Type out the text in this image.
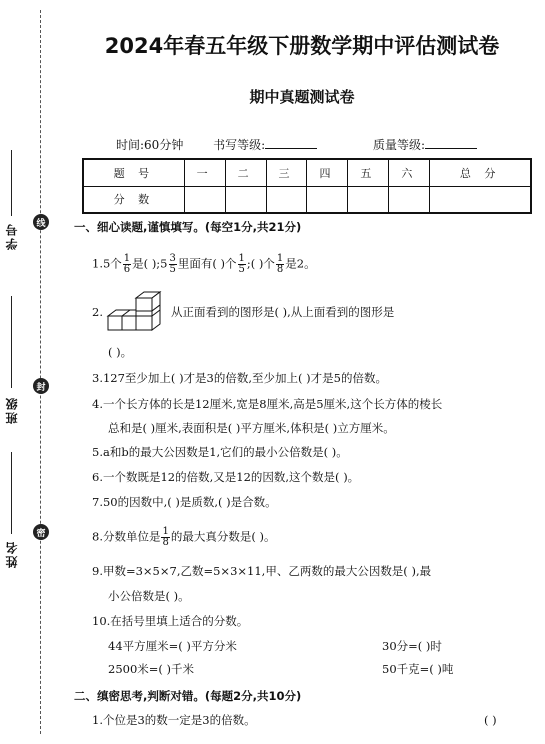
学号
班级
姓名
线
封
密
2024年春五年级下册数学期中评估测试卷
期中真题测试卷
时间:60分钟 书写等级:	质量等级:
题 号	一	二	三	四	五	六	总 分
分 数							
一、细心读题,谨慎填写。(每空1分,共21分)
1.5个 $\frac{1}{6}$ 是( );5 $\frac{3}{5}$ 里面有( )个 $\frac{1}{5}$ ;( )个 $\frac{1}{8}$ 是2。
2.	从正面看到的图形是( ),从上面看到的图形是
( )。
3.127至少加上( )才是3的倍数,至少加上( )才是5的倍数。
4.一个长方体的长是12厘米,宽是8厘米,高是5厘米,这个长方体的棱长
总和是( )厘米,表面积是( )平方厘米,体积是( )立方厘米。
5.a和b的最大公因数是1,它们的最小公倍数是( )。
6.一个数既是12的倍数,又是12的因数,这个数是( )。
7.50的因数中,( )是质数,( )是合数。
8.分数单位是 $\frac{1}{8}$ 的最大真分数是( )。
9.甲数=3×5×7,乙数=5×3×11,甲、乙两数的最大公因数是( ),最
小公倍数是( )。
10.在括号里填上适合的分数。
44平方厘米=( )平方分米	30分=( )时
2500米=( )千米	50千克=( )吨
二、缜密思考,判断对错。(每题2分,共10分)
1.个位是3的数一定是3的倍数。	( )
